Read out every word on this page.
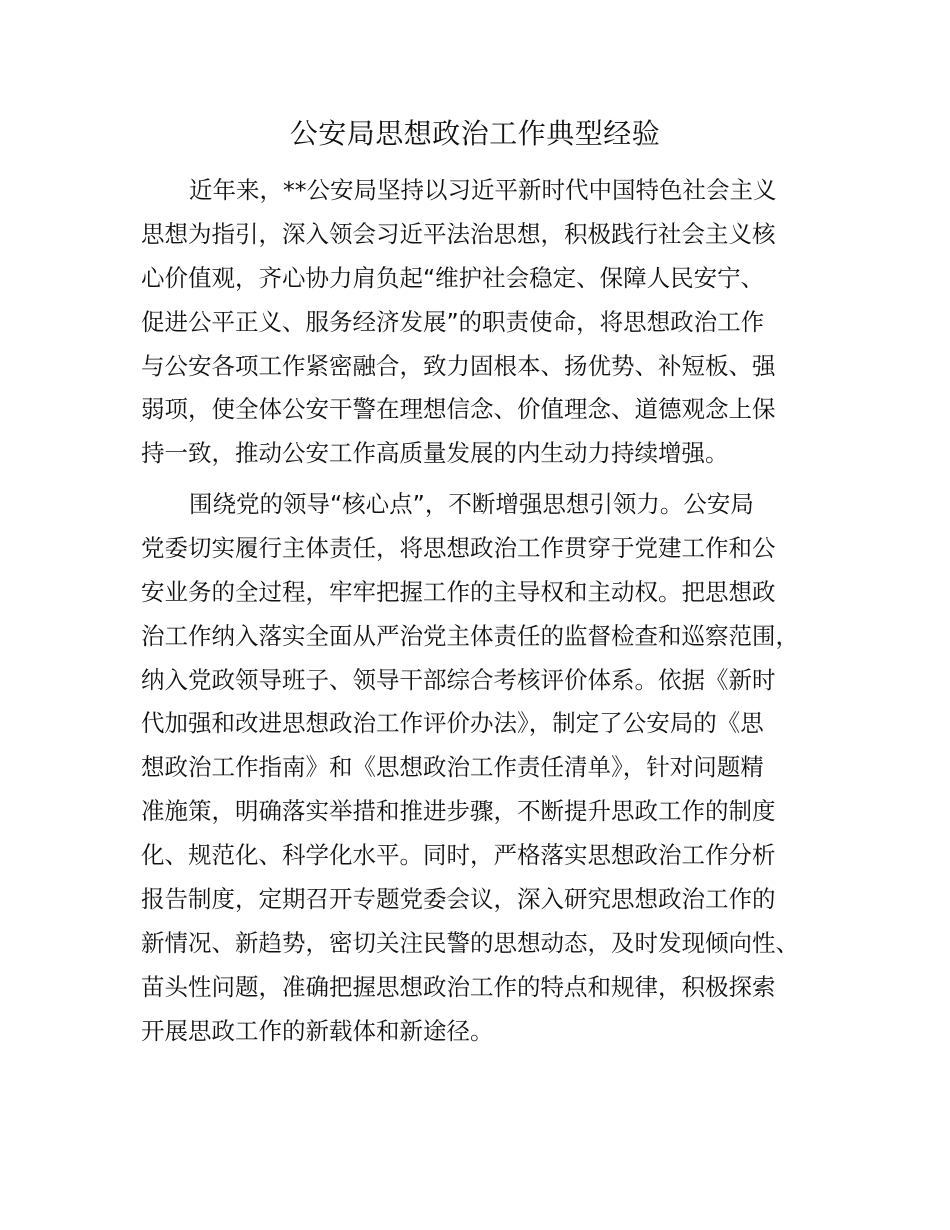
公安局思想政治工作典型经验
近年来，**公安局坚持以习近平新时代中国特色社会主义
思想为指引，深入领会习近平法治思想，积极践行社会主义核
心价值观，齐心协力肩负起“维护社会稳定、保障人民安宁、
促进公平正义、服务经济发展”的职责使命，将思想政治工作
与公安各项工作紧密融合，致力固根本、扬优势、补短板、强
弱项，使全体公安干警在理想信念、价值理念、道德观念上保
持一致，推动公安工作高质量发展的内生动力持续增强。
围绕党的领导“核心点”，不断增强思想引领力。公安局
党委切实履行主体责任，将思想政治工作贯穿于党建工作和公
安业务的全过程，牢牢把握工作的主导权和主动权。把思想政
治工作纳入落实全面从严治党主体责任的监督检查和巡察范围，
纳入党政领导班子、领导干部综合考核评价体系。依据《新时
代加强和改进思想政治工作评价办法》，制定了公安局的《思
想政治工作指南》和《思想政治工作责任清单》，针对问题精
准施策，明确落实举措和推进步骤，不断提升思政工作的制度
化、规范化、科学化水平。同时，严格落实思想政治工作分析
报告制度，定期召开专题党委会议，深入研究思想政治工作的
新情况、新趋势，密切关注民警的思想动态，及时发现倾向性、
苗头性问题，准确把握思想政治工作的特点和规律，积极探索
开展思政工作的新载体和新途径。
